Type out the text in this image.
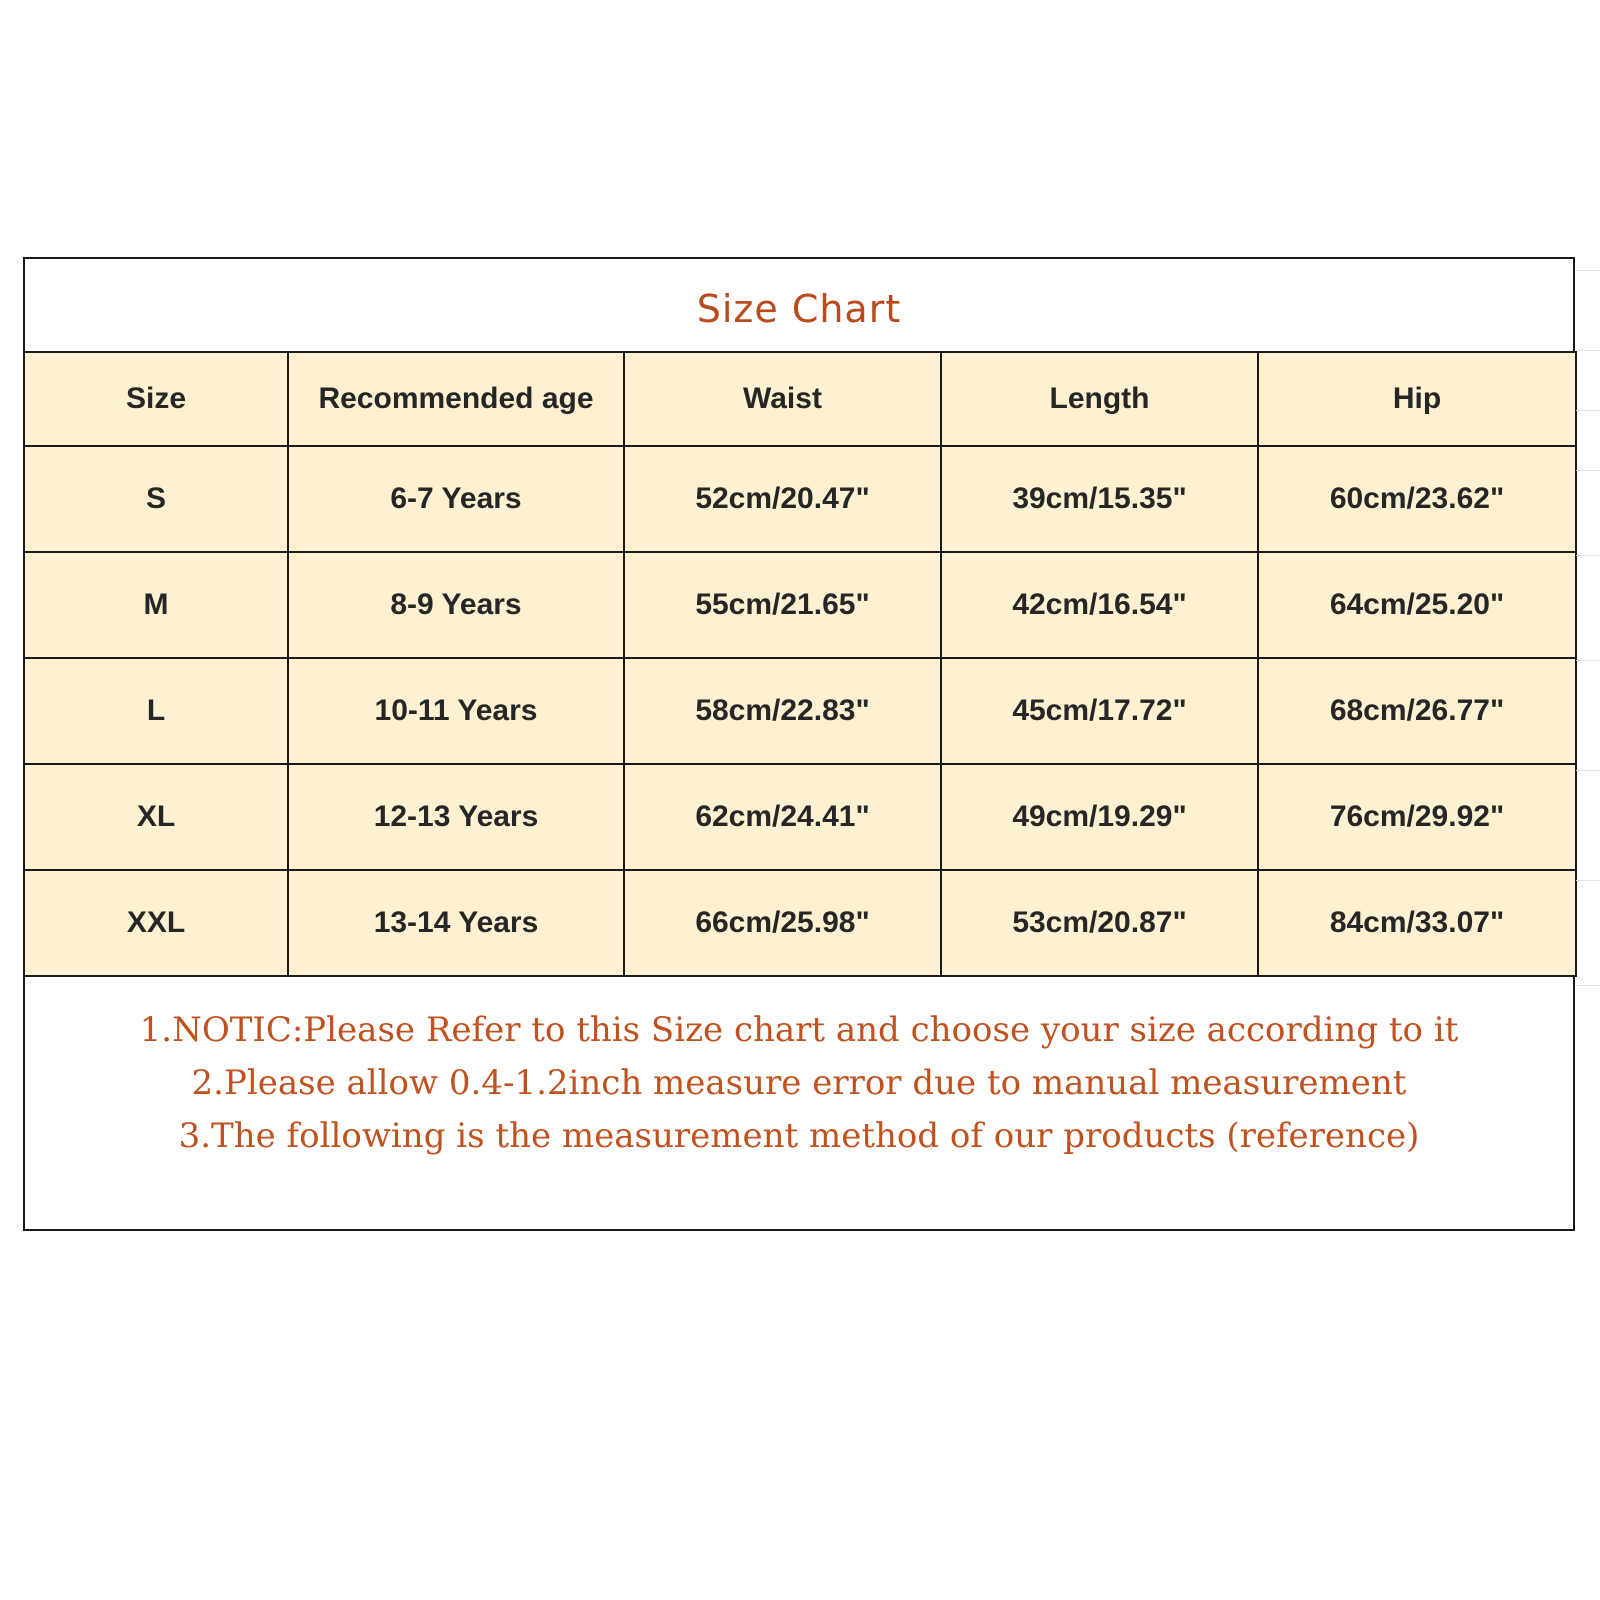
Size Chart
Size	Recommended age	Waist	Length	Hip
S	6-7 Years	52cm/20.47"	39cm/15.35"	60cm/23.62"
M	8-9 Years	55cm/21.65"	42cm/16.54"	64cm/25.20"
L	10-11 Years	58cm/22.83"	45cm/17.72"	68cm/26.77"
XL	12-13 Years	62cm/24.41"	49cm/19.29"	76cm/29.92"
XXL	13-14 Years	66cm/25.98"	53cm/20.87"	84cm/33.07"
1.NOTIC:Please Refer to this Size chart and choose your size according to it
2.Please allow 0.4-1.2inch measure error due to manual measurement
3.The following is the measurement method of our products (reference)
